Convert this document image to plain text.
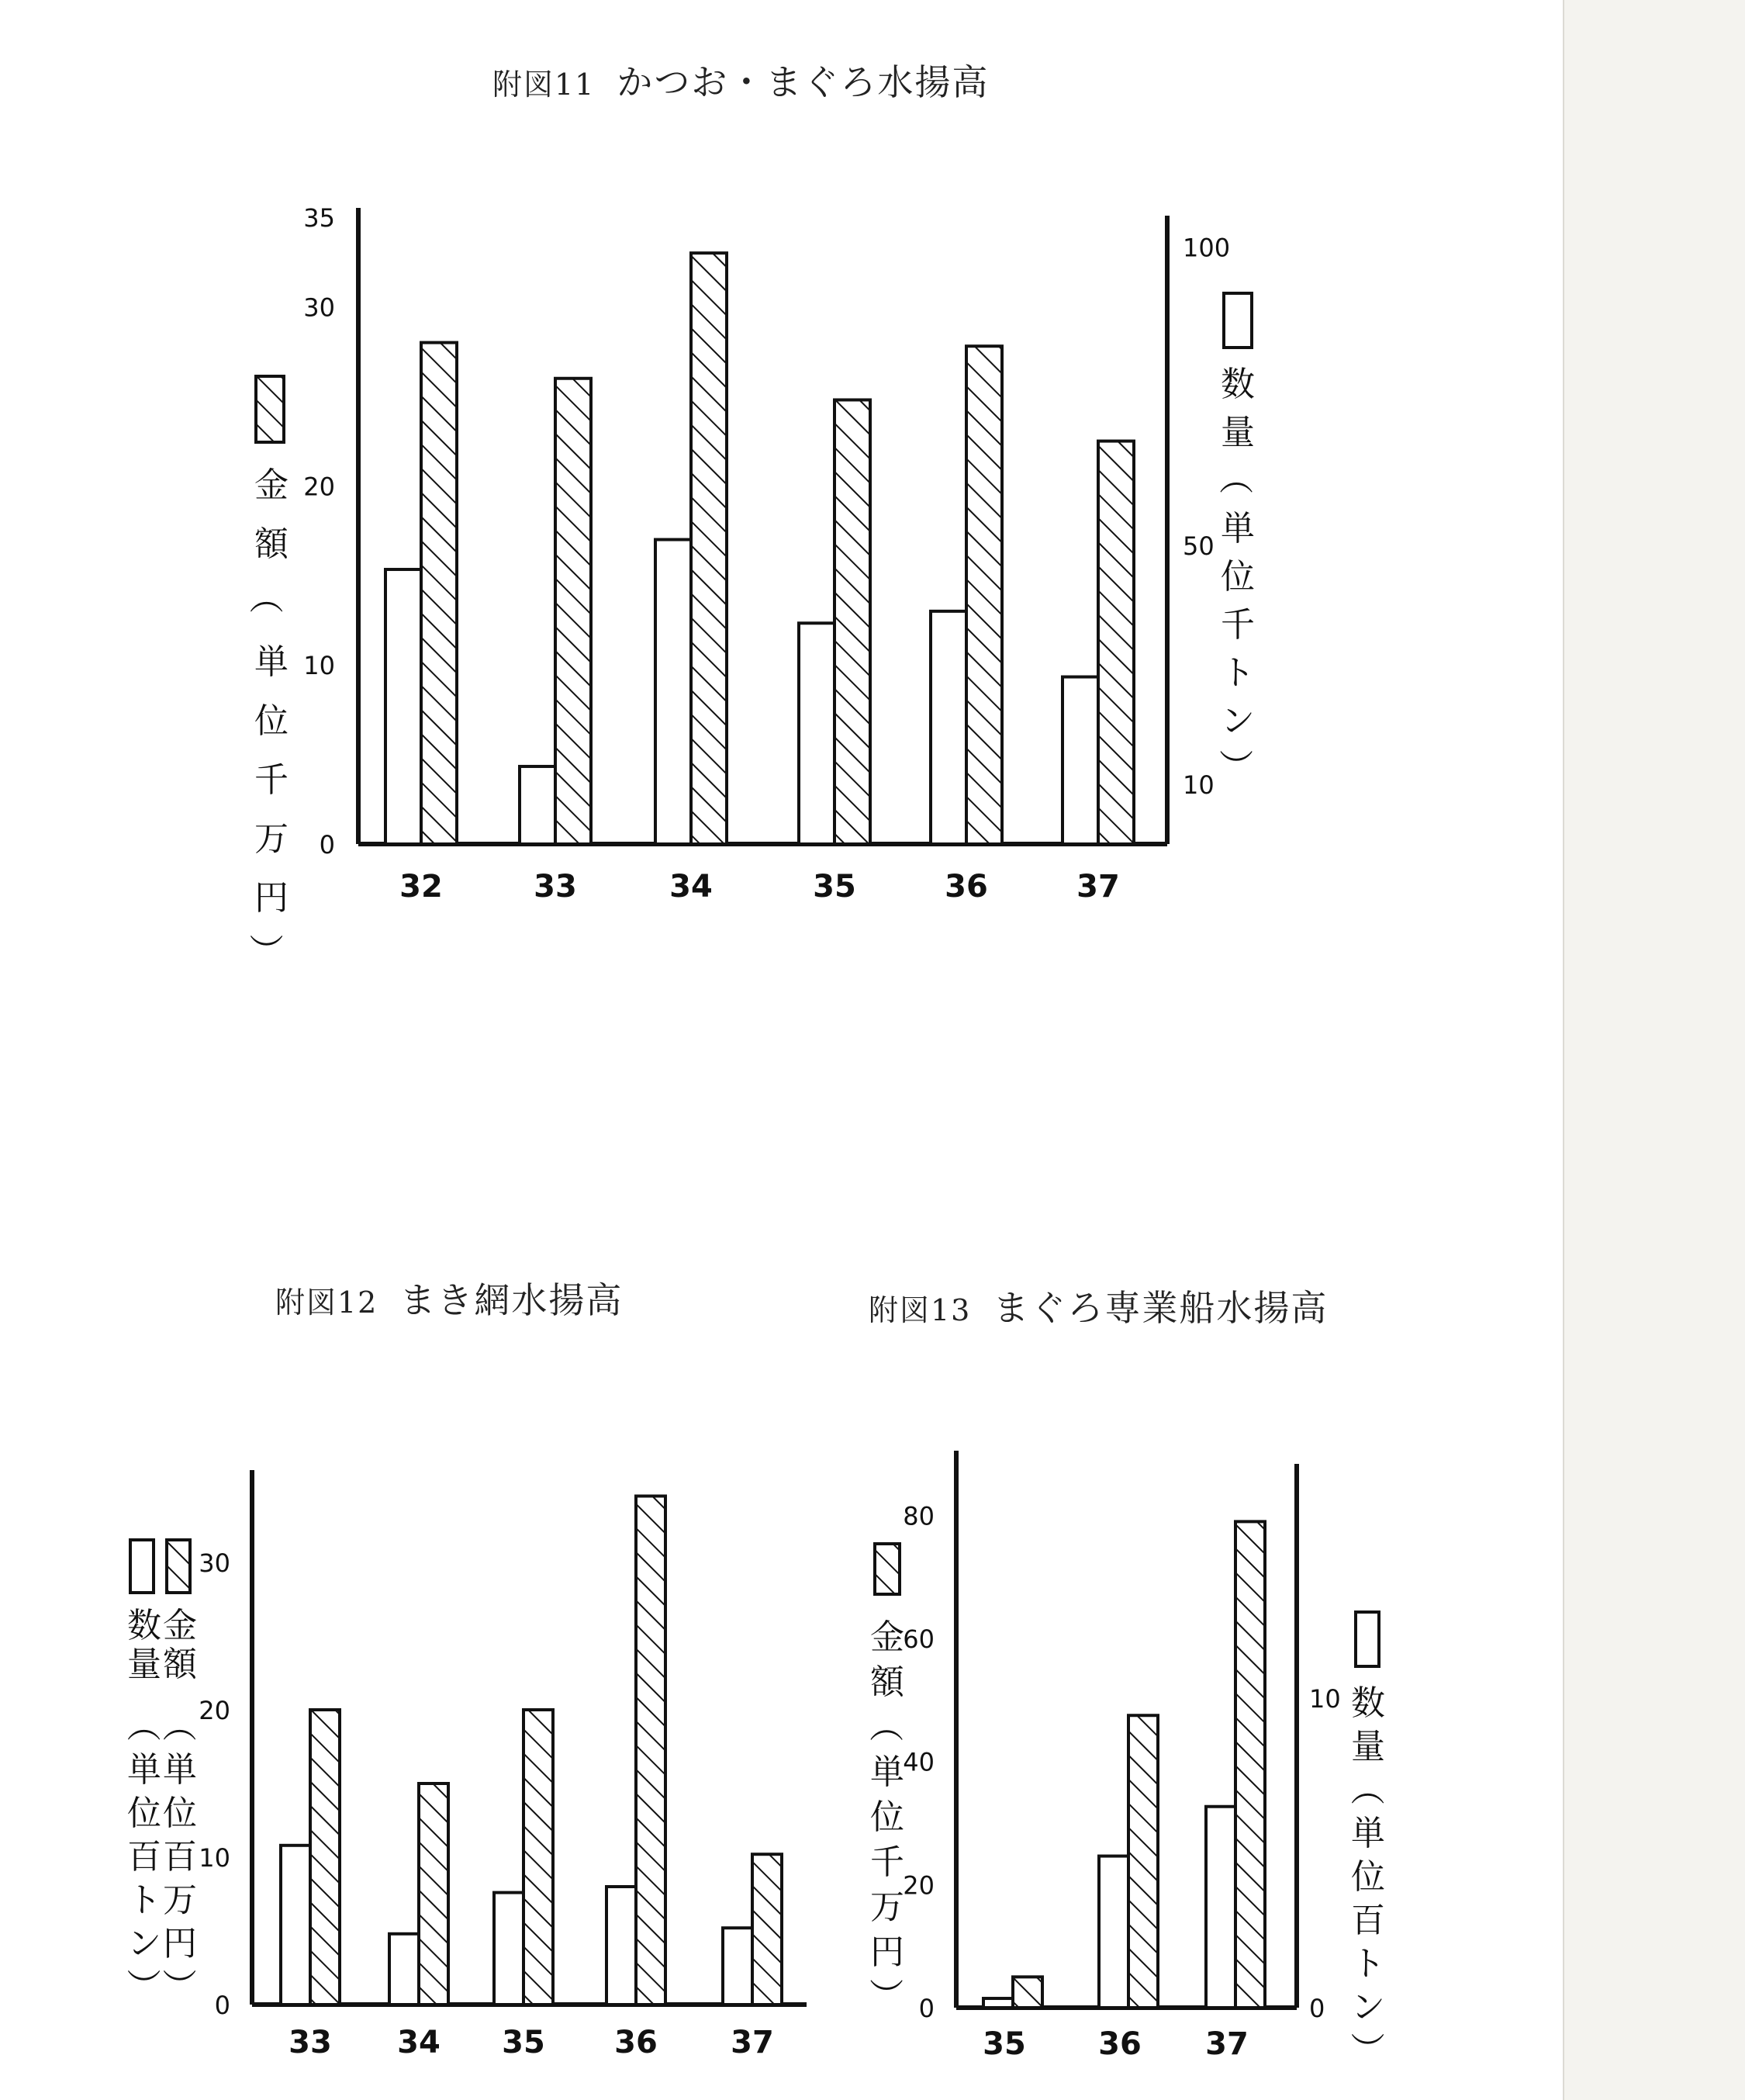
附図11 かつお・まぐろ水揚高
附図12 まき網水揚高	附図13 まぐろ専業船水揚高
0
10
20
30
35
10
50
100
32	33	34	35	36	37
金
額
（
単
位
千
万
円
）
数
量
（
単
位
千
ト
ン
）
0
10
20
30
33 34 35 36 37
数
量
金
額
（
単
位
百
ト
ン
）
（
単
位
百
万
円
）
0
20
40
60
80
0
10
35 36 37
金
額
（
単
位
千
万
円
）
数
量
（
単
位
百
ト
ン
）
